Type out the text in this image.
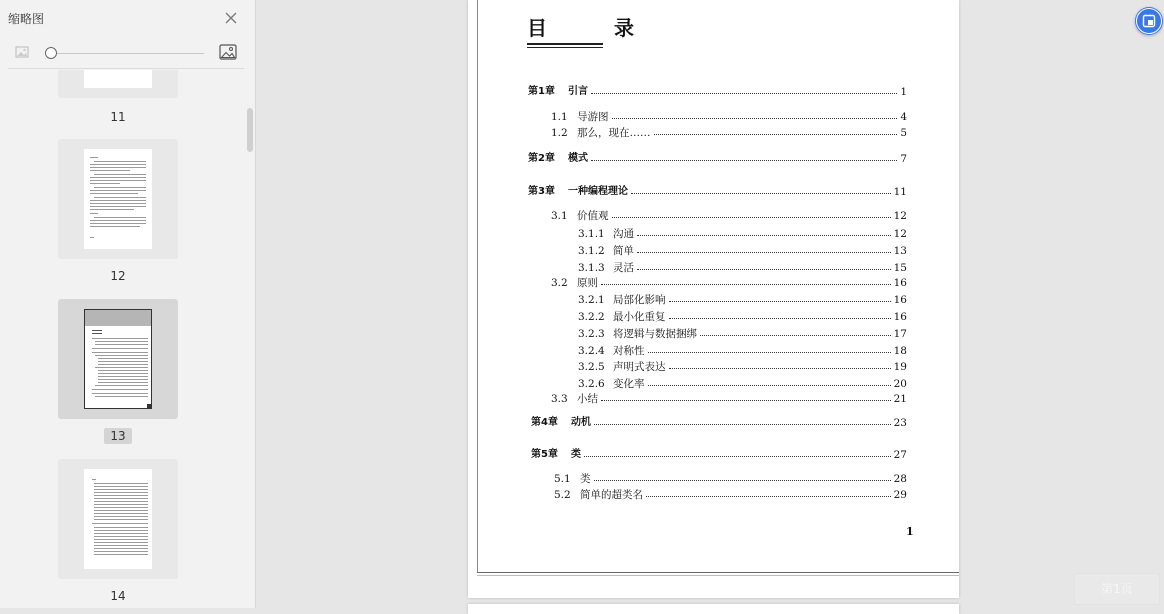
缩略图
11
12
13
14
目 录
第1章 引言	1
1.1 导游图	4
1.2 那么，现在……	5
第2章 模式	7
第3章 一种编程理论	11
3.1 价值观	12
3.1.1 沟通	12
3.1.2 简单	13
3.1.3 灵活	15
3.2 原则	16
3.2.1 局部化影响	16
3.2.2 最小化重复	16
3.2.3 将逻辑与数据捆绑	17
3.2.4 对称性	18
3.2.5 声明式表达	19
3.2.6 变化率	20
3.3 小结	21
第4章 动机	23
第5章 类	27
5.1 类	28
5.2 简单的超类名	29
1
第1页
